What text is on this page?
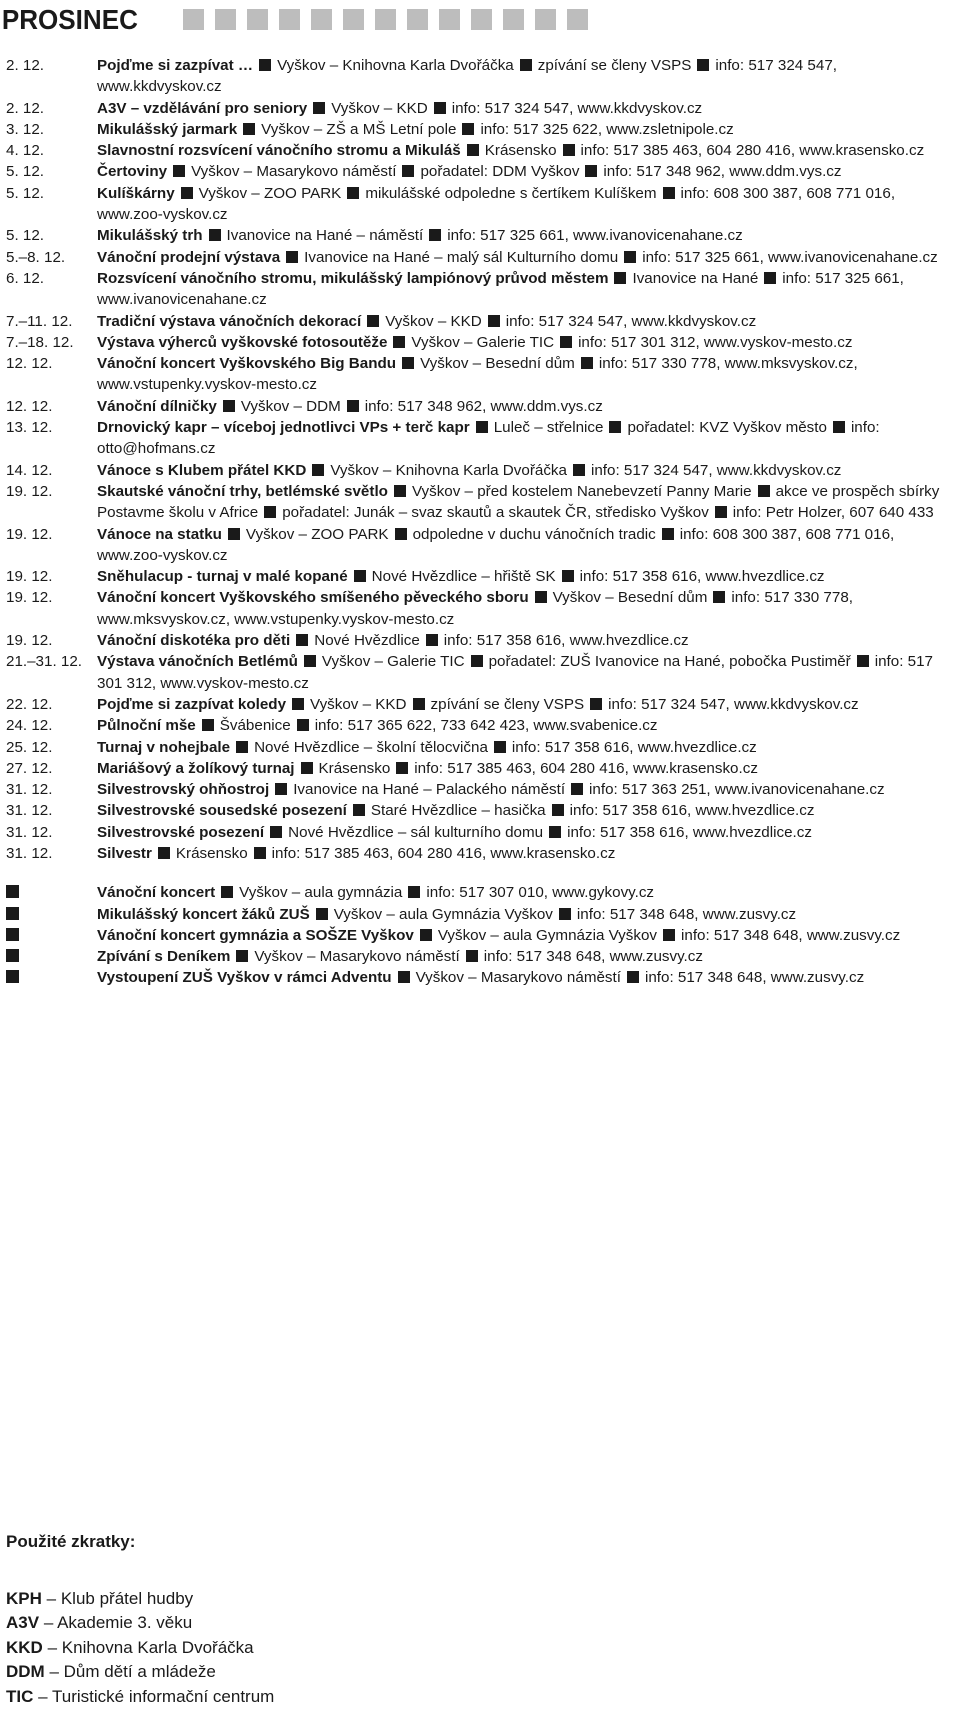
PROSINEC
2. 12.	Pojďme si zazpívat … Vyškov – Knihovna Karla Dvořáčka zpívání se členy VSPS info: 517 324 547, www.kkdvyskov.cz
2. 12.	A3V – vzdělávání pro seniory Vyškov – KKD info: 517 324 547, www.kkdvyskov.cz
3. 12.	Mikulášský jarmark Vyškov – ZŠ a MŠ Letní pole info: 517 325 622, www.zsletnipole.cz
4. 12.	Slavnostní rozsvícení vánočního stromu a Mikuláš Krásensko info: 517 385 463, 604 280 416, www.krasensko.cz
5. 12.	Čertoviny Vyškov – Masarykovo náměstí pořadatel: DDM Vyškov info: 517 348 962, www.ddm.vys.cz
5. 12.	Kulíškárny Vyškov – ZOO PARK mikulášské odpoledne s čertíkem Kulíškem info: 608 300 387, 608 771 016, www.zoo-vyskov.cz
5. 12.	Mikulášský trh Ivanovice na Hané – náměstí info: 517 325 661, www.ivanovicenahane.cz
5.–8. 12.	Vánoční prodejní výstava Ivanovice na Hané – malý sál Kulturního domu info: 517 325 661, www.ivanovicenahane.cz
6. 12.	Rozsvícení vánočního stromu, mikulášský lampiónový průvod městem Ivanovice na Hané info: 517 325 661, www.ivanovicenahane.cz
7.–11. 12.	Tradiční výstava vánočních dekorací Vyškov – KKD info: 517 324 547, www.kkdvyskov.cz
7.–18. 12.	Výstava výherců vyškovské fotosoutěže Vyškov – Galerie TIC info: 517 301 312, www.vyskov-mesto.cz
12. 12.	Vánoční koncert Vyškovského Big Bandu Vyškov – Besední dům info: 517 330 778, www.mksvyskov.cz, www.vstupenky.vyskov-mesto.cz
12. 12.	Vánoční dílničky Vyškov – DDM info: 517 348 962, www.ddm.vys.cz
13. 12.	Drnovický kapr – víceboj jednotlivci VPs + terč kapr Luleč – střelnice pořadatel: KVZ Vyškov město info: otto@hofmans.cz
14. 12.	Vánoce s Klubem přátel KKD Vyškov – Knihovna Karla Dvořáčka info: 517 324 547, www.kkdvyskov.cz
19. 12.	Skautské vánoční trhy, betlémské světlo Vyškov – před kostelem Nanebevzetí Panny Marie akce ve prospěch sbírky Postavme školu v Africe pořadatel: Junák – svaz skautů a skautek ČR, středisko Vyškov info: Petr Holzer, 607 640 433
19. 12.	Vánoce na statku Vyškov – ZOO PARK odpoledne v duchu vánočních tradic info: 608 300 387, 608 771 016, www.zoo-vyskov.cz
19. 12.	Sněhulacup - turnaj v malé kopané Nové Hvězdlice – hřiště SK info: 517 358 616, www.hvezdlice.cz
19. 12.	Vánoční koncert Vyškovského smíšeného pěveckého sboru Vyškov – Besední dům info: 517 330 778, www.mksvyskov.cz, www.vstupenky.vyskov-mesto.cz
19. 12.	Vánoční diskotéka pro děti Nové Hvězdlice info: 517 358 616, www.hvezdlice.cz
21.–31. 12. Výstava vánočních Betlémů Vyškov – Galerie TIC pořadatel: ZUŠ Ivanovice na Hané, pobočka Pustiměř info: 517 301 312, www.vyskov-mesto.cz
22. 12.	Pojďme si zazpívat koledy Vyškov – KKD zpívání se členy VSPS info: 517 324 547, www.kkdvyskov.cz
24. 12.	Půlnoční mše Švábenice info: 517 365 622, 733 642 423, www.svabenice.cz
25. 12.	Turnaj v nohejbale Nové Hvězdlice – školní tělocvična info: 517 358 616, www.hvezdlice.cz
27. 12.	Mariášový a žolíkový turnaj Krásensko info: 517 385 463, 604 280 416, www.krasensko.cz
31. 12.	Silvestrovský ohňostroj Ivanovice na Hané – Palackého náměstí info: 517 363 251, www.ivanovicenahane.cz
31. 12.	Silvestrovské sousedské posezení Staré Hvězdlice – hasička info: 517 358 616, www.hvezdlice.cz
31. 12.	Silvestrovské posezení Nové Hvězdlice – sál kulturního domu info: 517 358 616, www.hvezdlice.cz
31. 12.	Silvestr Krásensko info: 517 385 463, 604 280 416, www.krasensko.cz
Vánoční koncert Vyškov – aula gymnázia info: 517 307 010, www.gykovy.cz
Mikulášský koncert žáků ZUŠ Vyškov – aula Gymnázia Vyškov info: 517 348 648, www.zusvy.cz
Vánoční koncert gymnázia a SOŠZE Vyškov Vyškov – aula Gymnázia Vyškov info: 517 348 648, www.zusvy.cz
Zpívání s Deníkem Vyškov – Masarykovo náměstí info: 517 348 648, www.zusvy.cz
Vystoupení ZUŠ Vyškov v rámci Adventu Vyškov – Masarykovo náměstí info: 517 348 648, www.zusvy.cz
Použité zkratky:
KPH – Klub přátel hudby
A3V – Akademie 3. věku
KKD – Knihovna Karla Dvořáčka
DDM – Dům dětí a mládeže
TIC – Turistické informační centrum
